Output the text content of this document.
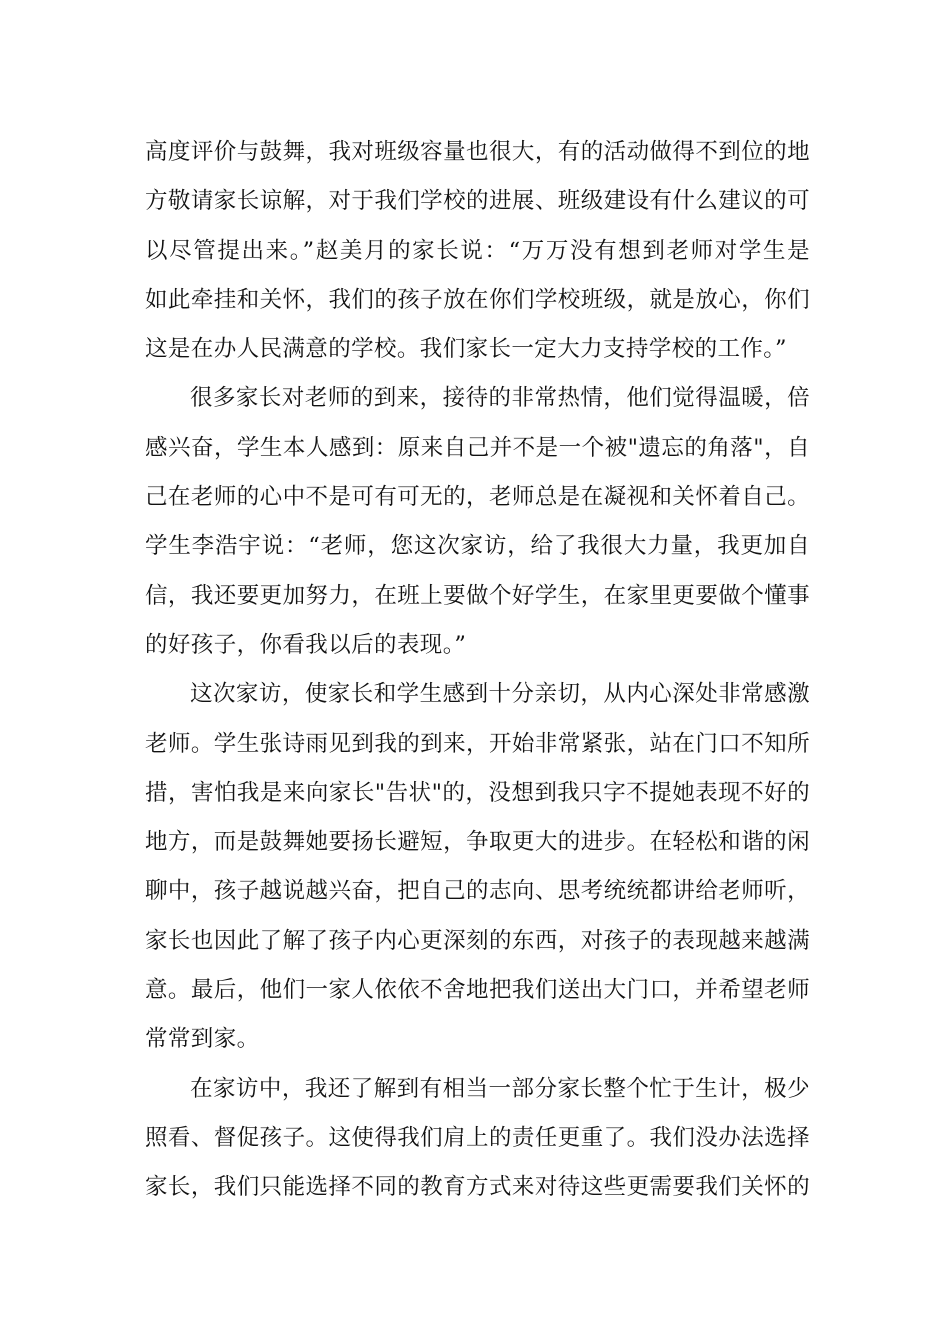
高度评价与鼓舞，我对班级容量也很大，有的活动做得不到位的地
方敬请家长谅解，对于我们学校的进展、班级建设有什么建议的可
以尽管提出来。”赵美月的家长说：“万万没有想到老师对学生是
如此牵挂和关怀，我们的孩子放在你们学校班级，就是放心，你们
这是在办人民满意的学校。我们家长一定大力支持学校的工作。”
很多家长对老师的到来，接待的非常热情，他们觉得温暖，倍
感兴奋，学生本人感到：原来自己并不是一个被"遗忘的角落"，自
己在老师的心中不是可有可无的，老师总是在凝视和关怀着自己。
学生李浩宇说：“老师，您这次家访，给了我很大力量，我更加自
信，我还要更加努力，在班上要做个好学生，在家里更要做个懂事
的好孩子，你看我以后的表现。”
这次家访，使家长和学生感到十分亲切，从内心深处非常感激
老师。学生张诗雨见到我的到来，开始非常紧张，站在门口不知所
措，害怕我是来向家长"告状"的，没想到我只字不提她表现不好的
地方，而是鼓舞她要扬长避短，争取更大的进步。在轻松和谐的闲
聊中，孩子越说越兴奋，把自己的志向、思考统统都讲给老师听，
家长也因此了解了孩子内心更深刻的东西，对孩子的表现越来越满
意。最后，他们一家人依依不舍地把我们送出大门口，并希望老师
常常到家。
在家访中，我还了解到有相当一部分家长整个忙于生计，极少
照看、督促孩子。这使得我们肩上的责任更重了。我们没办法选择
家长，我们只能选择不同的教育方式来对待这些更需要我们关怀的
